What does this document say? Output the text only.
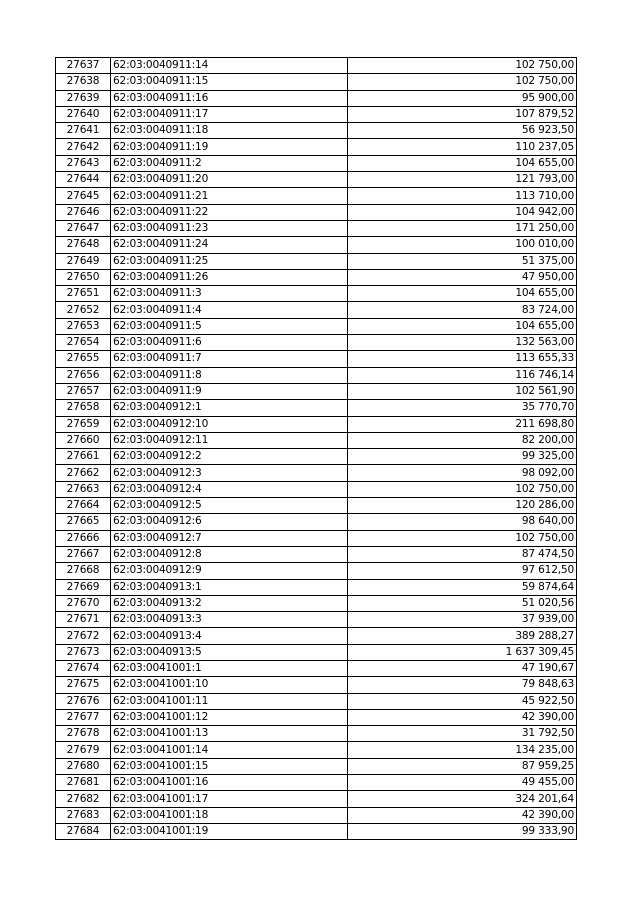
27637	62:03:0040911:14	102 750,00
27638	62:03:0040911:15	102 750,00
27639	62:03:0040911:16	95 900,00
27640	62:03:0040911:17	107 879,52
27641	62:03:0040911:18	56 923,50
27642	62:03:0040911:19	110 237,05
27643	62:03:0040911:2	104 655,00
27644	62:03:0040911:20	121 793,00
27645	62:03:0040911:21	113 710,00
27646	62:03:0040911:22	104 942,00
27647	62:03:0040911:23	171 250,00
27648	62:03:0040911:24	100 010,00
27649	62:03:0040911:25	51 375,00
27650	62:03:0040911:26	47 950,00
27651	62:03:0040911:3	104 655,00
27652	62:03:0040911:4	83 724,00
27653	62:03:0040911:5	104 655,00
27654	62:03:0040911:6	132 563,00
27655	62:03:0040911:7	113 655,33
27656	62:03:0040911:8	116 746,14
27657	62:03:0040911:9	102 561,90
27658	62:03:0040912:1	35 770,70
27659	62:03:0040912:10	211 698,80
27660	62:03:0040912:11	82 200,00
27661	62:03:0040912:2	99 325,00
27662	62:03:0040912:3	98 092,00
27663	62:03:0040912:4	102 750,00
27664	62:03:0040912:5	120 286,00
27665	62:03:0040912:6	98 640,00
27666	62:03:0040912:7	102 750,00
27667	62:03:0040912:8	87 474,50
27668	62:03:0040912:9	97 612,50
27669	62:03:0040913:1	59 874,64
27670	62:03:0040913:2	51 020,56
27671	62:03:0040913:3	37 939,00
27672	62:03:0040913:4	389 288,27
27673	62:03:0040913:5	1 637 309,45
27674	62:03:0041001:1	47 190,67
27675	62:03:0041001:10	79 848,63
27676	62:03:0041001:11	45 922,50
27677	62:03:0041001:12	42 390,00
27678	62:03:0041001:13	31 792,50
27679	62:03:0041001:14	134 235,00
27680	62:03:0041001:15	87 959,25
27681	62:03:0041001:16	49 455,00
27682	62:03:0041001:17	324 201,64
27683	62:03:0041001:18	42 390,00
27684	62:03:0041001:19	99 333,90
